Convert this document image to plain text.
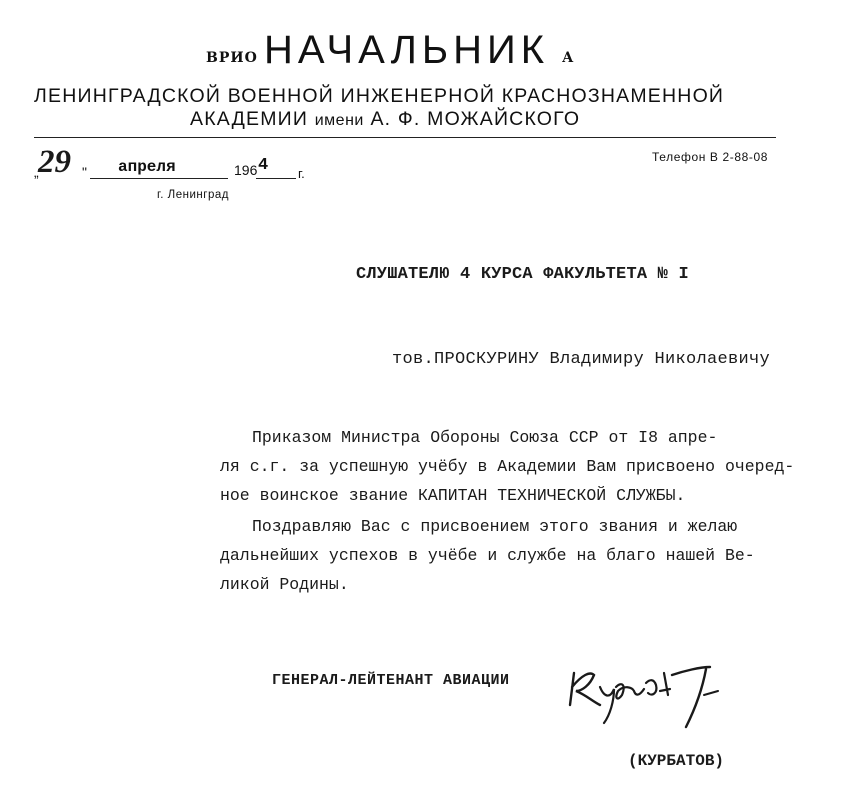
ВРИО НАЧАЛЬНИК А
ЛЕНИНГРАДСКОЙ ВОЕННОЙ ИНЖЕНЕРНОЙ КРАСНОЗНАМЕННОЙ
АКАДЕМИИ имени А. Ф. МОЖАЙСКОГО
„ 29 " апреля	196 4 г.
г. Ленинград
Телефон В 2-88-08
СЛУШАТЕЛЮ 4 КУРСА ФАКУЛЬТЕТА № I
тов.ПРОСКУРИНУ Владимиру Николаевичу
Приказом Министра Обороны Союза ССР от I8 апре-
ля с.г. за успешную учёбу в Академии Вам присвоено очеред-
ное воинское звание КАПИТАН ТЕХНИЧЕСКОЙ СЛУЖБЫ.
Поздравляю Вас с присвоением этого звания и желаю
дальнейших успехов в учёбе и службе на благо нашей Ве-
ликой Родины.
ГЕНЕРАЛ-ЛЕЙТЕНАНТ АВИАЦИИ
(КУРБАТОВ)
